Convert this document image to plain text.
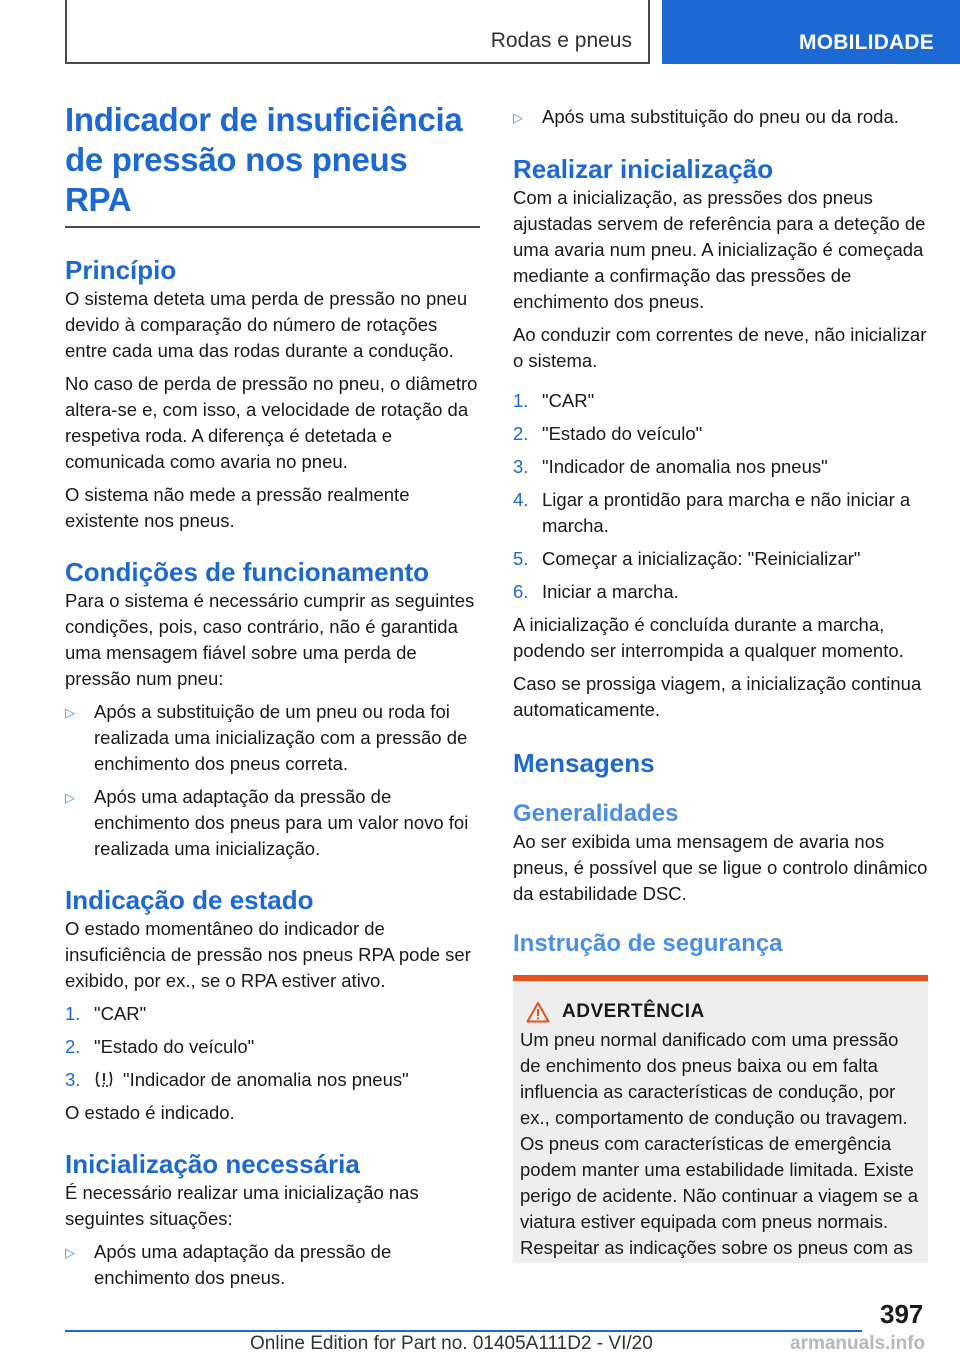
Rodas e pneus	MOBILIDADE
Indicador de insuficiência
de pressão nos pneus RPA
Princípio

O sistema deteta uma perda de pressão no pneu devido à comparação do número de rotações entre cada uma das rodas durante a condução.

No caso de perda de pressão no pneu, o diâmetro altera-se e, com isso, a velocidade de rotação da respetiva roda. A diferença é detetada e comunicada como avaria no pneu.

O sistema não mede a pressão realmente existente nos pneus.

Condições de funcionamento

Para o sistema é necessário cumprir as seguintes condições, pois, caso contrário, não é garantida uma mensagem fiável sobre uma perda de pressão num pneu:

▷	Após a substituição de um pneu ou roda foi realizada uma inicialização com a pressão de enchimento dos pneus correta.
▷	Após uma adaptação da pressão de enchimento dos pneus para um valor novo foi realizada uma inicialização.
Indicação de estado

O estado momentâneo do indicador de insuficiência de pressão nos pneus RPA pode ser exibido, por ex., se o RPA estiver ativo.

1. "CAR"
2. "Estado do veículo"
3.	"Indicador de anomalia nos pneus"

O estado é indicado.

Inicialização necessária

É necessário realizar uma inicialização nas seguintes situações:

▷	Após uma adaptação da pressão de enchimento dos pneus.
▷	Após uma substituição do pneu ou da roda.
Realizar inicialização

Com a inicialização, as pressões dos pneus ajustadas servem de referência para a deteção de uma avaria num pneu. A inicialização é começada mediante a confirmação das pressões de enchimento dos pneus.

Ao conduzir com correntes de neve, não inicializar o sistema.

1. "CAR"
2. "Estado do veículo"
3. "Indicador de anomalia nos pneus"
4. Ligar a prontidão para marcha e não iniciar a marcha.
5. Começar a inicialização: "Reinicializar"
6. Iniciar a marcha.

A inicialização é concluída durante a marcha, podendo ser interrompida a qualquer momento.

Caso se prossiga viagem, a inicialização continua automaticamente.

Mensagens
Generalidades

Ao ser exibida uma mensagem de avaria nos pneus, é possível que se ligue o controlo dinâmico da estabilidade DSC.

Instrução de segurança
ADVERTÊNCIA

Um pneu normal danificado com uma pressão de enchimento dos pneus baixa ou em falta influencia as características de condução, por ex., comportamento de condução ou travagem. Os pneus com características de emergência podem manter uma estabilidade limitada. Existe perigo de acidente. Não continuar a viagem se a viatura estiver equipada com pneus normais. Respeitar as indicações sobre os pneus com as

397
Online Edition for Part no. 01405A111D2 - VI/20	armanuals.info
